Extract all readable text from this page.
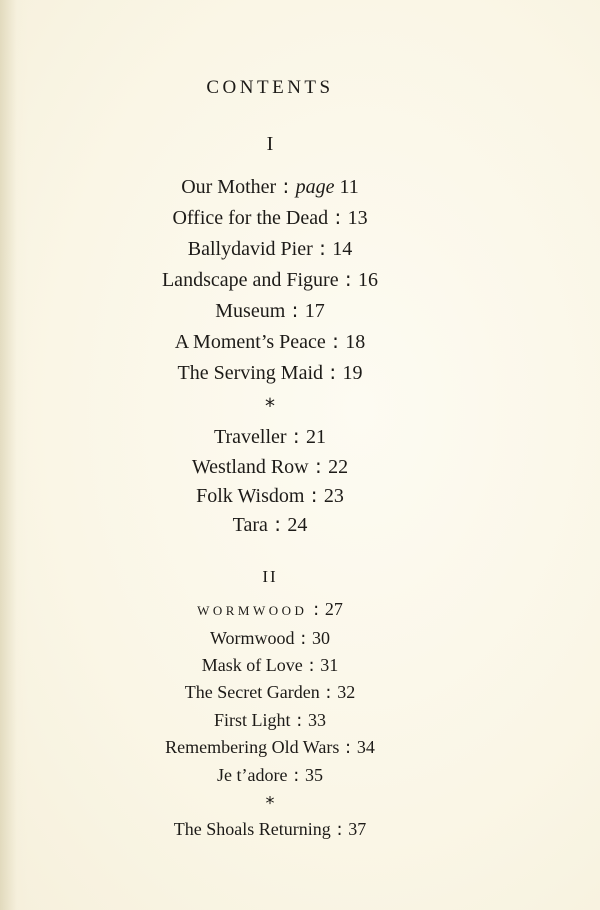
CONTENTS
I
Our Mother : page 11
Office for the Dead : 13
Ballydavid Pier : 14
Landscape and Figure : 16
Museum : 17
A Moment’s Peace : 18
The Serving Maid : 19
*
Traveller : 21
Westland Row : 22
Folk Wisdom : 23
Tara : 24
II
WORMWOOD : 27
Wormwood : 30
Mask of Love : 31
The Secret Garden : 32
First Light : 33
Remembering Old Wars : 34
Je t’adore : 35
*
The Shoals Returning : 37
